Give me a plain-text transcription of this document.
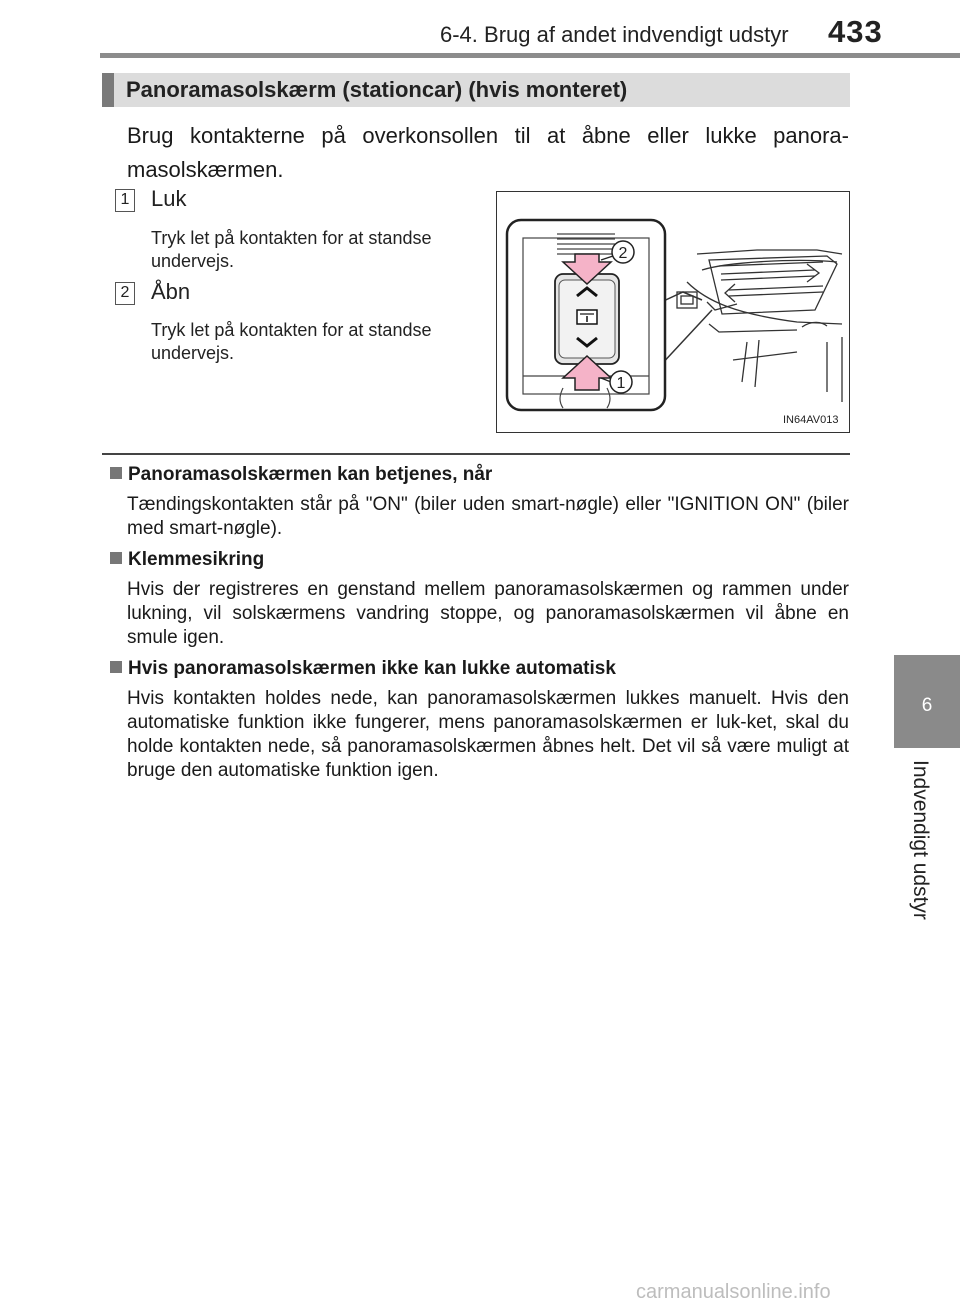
6-4. Brug af andet indvendigt udstyr 433
6
Indvendigt udstyr
Panoramasolskærm (stationcar) (hvis monteret)
Brug kontakterne på overkonsollen til at åbne eller lukke panora-masolskærmen.
1 Luk
Tryk let på kontakten for at standse undervejs.
2 Åbn
Tryk let på kontakten for at standse undervejs.
2
1
IN64AV013
Panoramasolskærmen kan betjenes, når
Tændingskontakten står på "ON" (biler uden smart-nøgle) eller "IGNITION ON" (biler med smart-nøgle).
Klemmesikring
Hvis der registreres en genstand mellem panoramasolskærmen og rammen under lukning, vil solskærmens vandring stoppe, og panoramasolskærmen vil åbne en smule igen.
Hvis panoramasolskærmen ikke kan lukke automatisk
Hvis kontakten holdes nede, kan panoramasolskærmen lukkes manuelt. Hvis den automatiske funktion ikke fungerer, mens panoramasolskærmen er luk-ket, skal du holde kontakten nede, så panoramasolskærmen åbnes helt. Det vil så være muligt at bruge den automatiske funktion igen.
carmanualsonline.info
